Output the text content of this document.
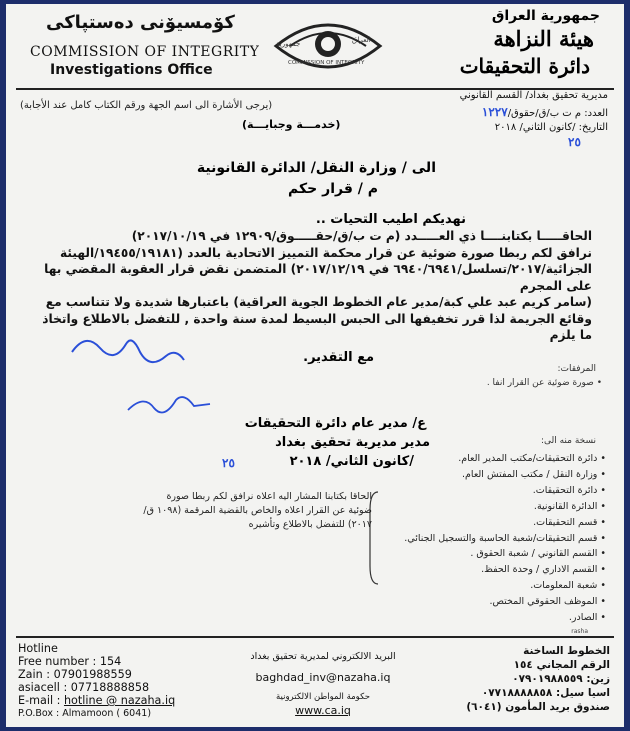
كۆمسیۆنی دەستپاکی
COMMISSION OF INTEGRITY
Investigations Office
جمهورية	العراق
COMMISSION OF INTEGRITY
جمهورية العراق
هيئة النزاهة
دائرة التحقيقات
مديرية تحقيق بغداد/ القسم القانوني
العدد: م ت ب/ق/حقوق/١٢٢٧
التاريخ: /كانون الثاني/ ٢٠١٨
٢٥
(يرجى الأشارة الى اسم الجهة ورقم الكتاب كامل عند الأجابة)
(خدمـــة وجبايـــة)
الى / وزارة النقل/ الدائرة القانونية
م / قرار حكم
نهديكم اطيب التحيات ..
الحاقـــــا بكتابنــــا ذي العـــــدد (م ت ب/ق/حقـــــوق/١٢٩٠٩ في ٢٠١٧/١٠/١٩)
نرافق لكم ربطا صورة ضوئية عن قرار محكمة التمييز الاتحادية بالعدد (١٩٤٥٥/١٩١٨١/الهيئة
الجزائية/٢٠١٧/تسلسل/٦٩٤٠/٦٩٤١ في ٢٠١٧/١٢/١٩) المتضمن نقض قرار العقوبة المقضي بها على المجرم
(سامر كريم عبد علي كبة/مدير عام الخطوط الجوية العراقية) باعتبارها شديدة ولا تتناسب مع
وقائع الجريمة لذا قرر تخفيفها الى الحبس البسيط لمدة سنة واحدة , للتفضل بالاطلاع واتخاذ ما يلزم
مع التقدير.
المرفقات:
• صورة ضوئية عن القرار انفا .
ع/ مدير عام دائرة التحقيقات
مدير مديرية تحقيق بغداد
/كانون الثاني/ ٢٠١٨
٢٥
نسخة منه الى:
• دائرة التحقيقات/مكتب المدير العام.
• وزارة النقل / مكتب المفتش العام.
• دائرة التحقيقات.
• الدائرة القانونية.
• قسم التحقيقات.
• قسم التحقيقات/شعبة الحاسبة والتسجيل الجنائي.
• القسم القانوني / شعبة الحقوق .
• القسم الاداري / وحدة الحفظ.
• شعبة المعلومات.
• الموظف الحقوقي المختص.
• الصادر.
الحاقا بكتابنا المشار اليه اعلاه نرافق لكم ربطا صورة ضوئية عن القرار اعلاه والخاص بالقضية المرقمة (١٠٩٨ ق/٢٠١٧) للتفضل بالاطلاع وتأشيره
rasha
Hotline
Free number : 154
Zain : 07901988559
asiacell : 07718888858
E-mail : hotline @ nazaha.iq
P.O.Box : Almamoon ( 6041)
البريد الالكتروني لمديرية تحقيق بغداد
baghdad_inv@nazaha.iq
حكومة المواطن الالكترونية
www.ca.iq
الخطوط الساخنة
الرقم المجاني ١٥٤
زين: ٠٧٩٠١٩٨٨٥٥٩
اسيا سيل: ٠٧٧١٨٨٨٨٨٥٨
صندوق بريد المأمون (٦٠٤١)
